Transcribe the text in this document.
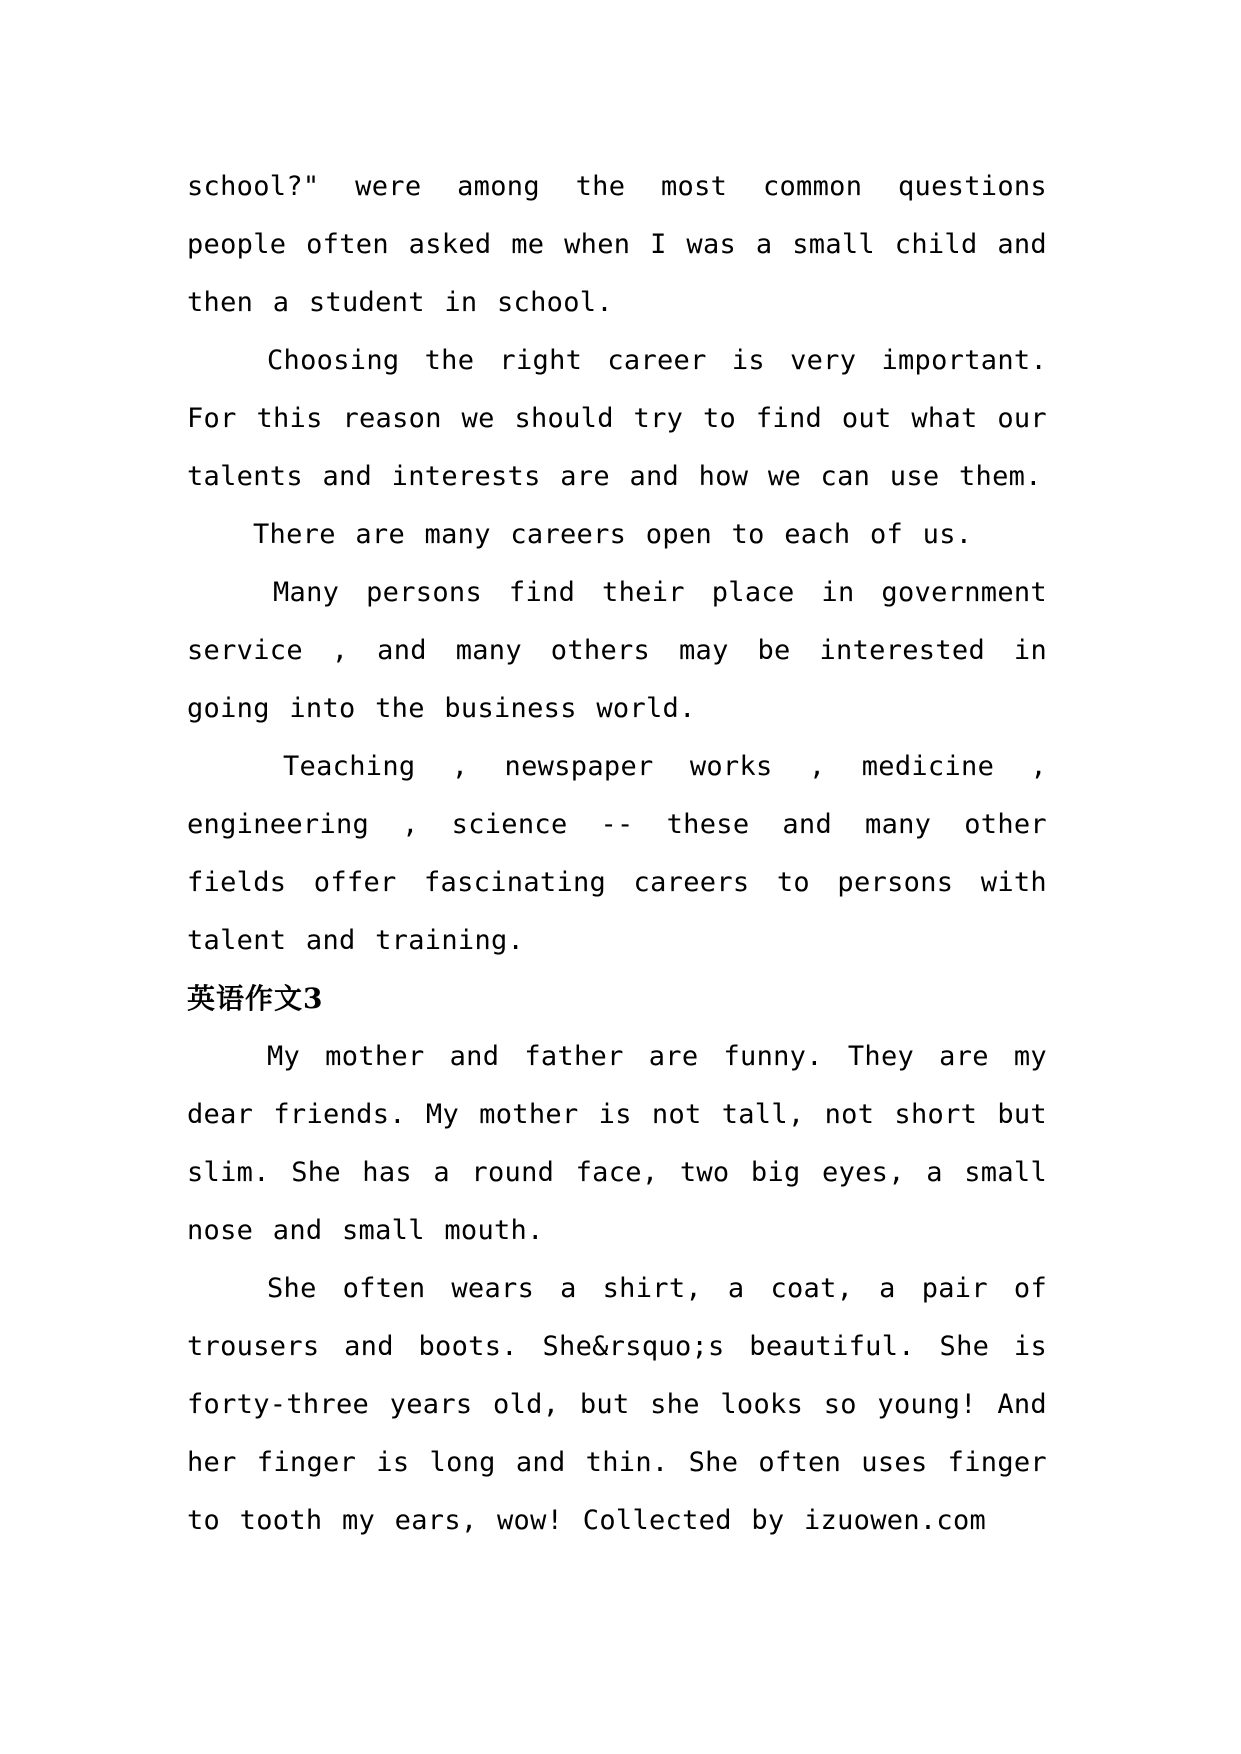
school?" were among the most common questions people often asked me when I was a small child and then a student in school.

Choosing the right career is very important. For this reason we should try to find out what our talents and interests are and how we can use them.

There are many careers open to each of us.

Many persons find their place in government service , and many others may be interested in going into the business world.

Teaching , newspaper works , medicine , engineering , science -- these and many other fields offer fascinating careers to persons with talent and training.

英语作文3

My mother and father are funny. They are my dear friends. My mother is not tall, not short but slim. She has a round face, two big eyes, a small nose and small mouth.

She often wears a shirt, a coat, a pair of trousers and boots. She&rsquo;s beautiful. She is forty-three years old, but she looks so young! And her finger is long and thin. She often uses finger to tooth my ears, wow! Collected by izuowen.com
